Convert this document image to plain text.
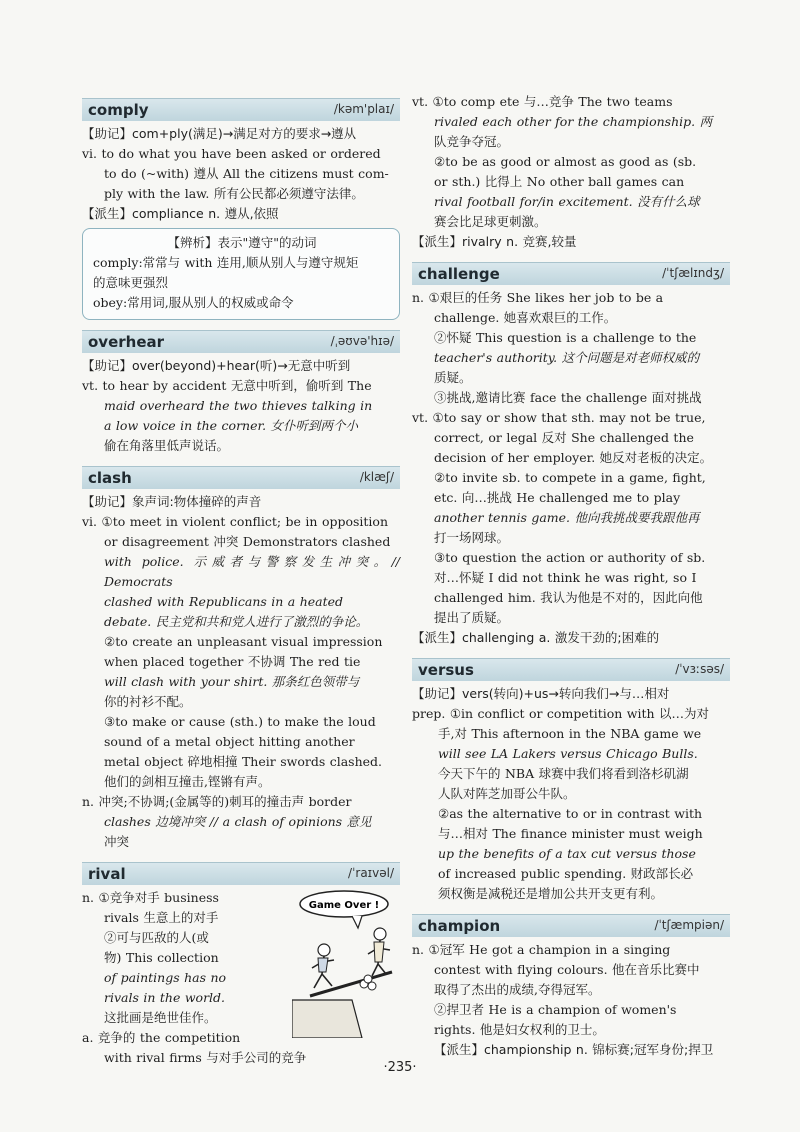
comply	/kəm'plaɪ/
【助记】com+ply(满足)→满足对方的要求→遵从
vi. to do what you have been asked or ordered
to do (~with) 遵从 All the citizens must com-
ply with the law. 所有公民都必须遵守法律。
【派生】compliance n. 遵从,依照
【辨析】表示"遵守"的动词
comply:常常与 with 连用,顺从别人与遵守规矩
的意味更强烈
obey:常用词,服从别人的权威或命令
overhear	/ˌəʊvə'hɪə/
【助记】over(beyond)+hear(听)→无意中听到
vt. to hear by accident 无意中听到，偷听到 The
maid overheard the two thieves talking in
a low voice in the corner. 女仆听到两个小
偷在角落里低声说话。
clash	/klæʃ/
【助记】象声词:物体撞碎的声音
vi. ①to meet in violent conflict; be in opposition
or disagreement 冲突 Demonstrators clashed
with police. 示威者与警察发生冲突。// Democrats
clashed with Republicans in a heated
debate. 民主党和共和党人进行了激烈的争论。
②to create an unpleasant visual impression
when placed together 不协调 The red tie
will clash with your shirt. 那条红色领带与
你的衬衫不配。
③to make or cause (sth.) to make the loud
sound of a metal object hitting another
metal object 碎地相撞 Their swords clashed.
他们的剑相互撞击,铿锵有声。
n. 冲突;不协调;(金属等的)刺耳的撞击声 border
clashes 边境冲突 // a clash of opinions 意见
冲突
rival	/ˈraɪvəl/
n. ①竞争对手 business
rivals 生意上的对手
②可与匹敌的人(或
物) This collection
of paintings has no
rivals in the world.
这批画是绝世佳作。
a. 竞争的 the competition
with rival firms 与对手公司的竞争
Game Over !
vt. ①to comp ete 与…竞争 The two teams
rivaled each other for the championship. 两
队竞争夺冠。
②to be as good or almost as good as (sb.
or sth.) 比得上 No other ball games can
rival football for/in excitement. 没有什么球
赛会比足球更刺激。
【派生】rivalry n. 竞赛,较量
challenge	/ˈtʃælɪndʒ/
n. ①艰巨的任务 She likes her job to be a
challenge. 她喜欢艰巨的工作。
②怀疑 This question is a challenge to the
teacher's authority. 这个问题是对老师权威的
质疑。
③挑战,邀请比赛 face the challenge 面对挑战
vt. ①to say or show that sth. may not be true,
correct, or legal 反对 She challenged the
decision of her employer. 她反对老板的决定。
②to invite sb. to compete in a game, fight,
etc. 向…挑战 He challenged me to play
another tennis game. 他向我挑战要我跟他再
打一场网球。
③to question the action or authority of sb.
对…怀疑 I did not think he was right, so I
challenged him. 我认为他是不对的，因此向他
提出了质疑。
【派生】challenging a. 激发干劲的;困难的
versus	/ˈvɜːsəs/
【助记】vers(转向)+us→转向我们→与…相对
prep. ①in conflict or competition with 以…为对
手,对 This afternoon in the NBA game we
will see LA Lakers versus Chicago Bulls.
今天下午的 NBA 球赛中我们将看到洛杉矶湖
人队对阵芝加哥公牛队。
②as the alternative to or in contrast with
与…相对 The finance minister must weigh
up the benefits of a tax cut versus those
of increased public spending. 财政部长必
须权衡是减税还是增加公共开支更有利。
champion	/ˈtʃæmpiən/
n. ①冠军 He got a champion in a singing
contest with flying colours. 他在音乐比赛中
取得了杰出的成绩,夺得冠军。
②捍卫者 He is a champion of women's
rights. 他是妇女权利的卫士。
【派生】championship n. 锦标赛;冠军身份;捍卫
·235·
